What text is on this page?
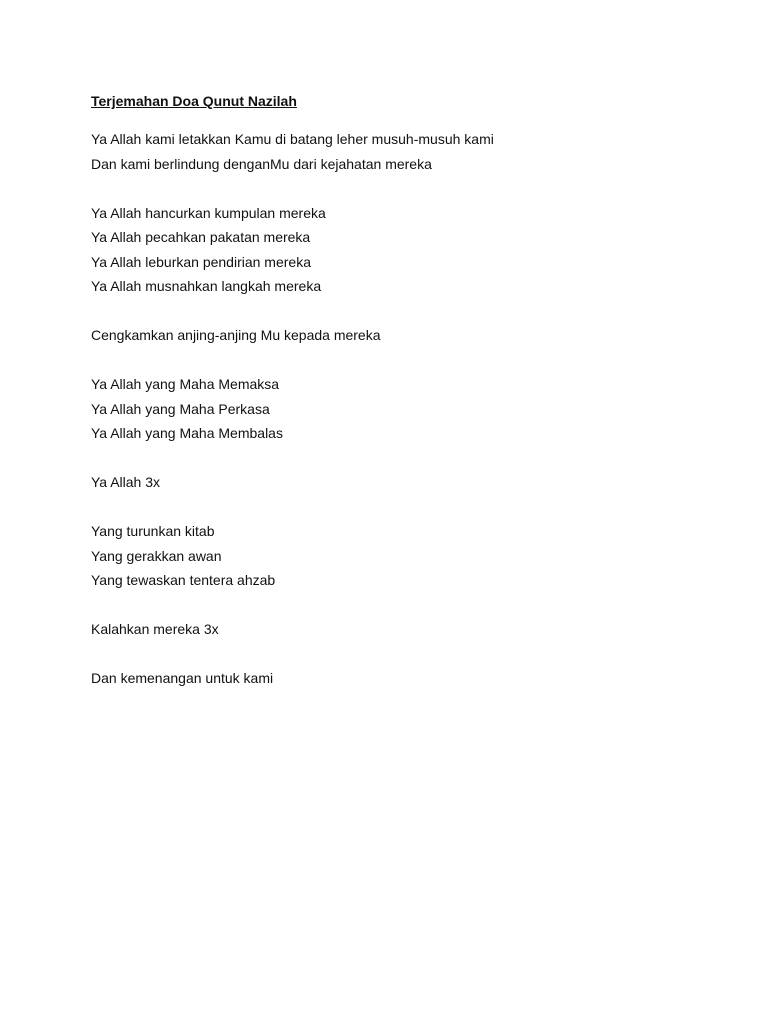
Terjemahan Doa Qunut Nazilah
Ya Allah kami letakkan Kamu di batang leher musuh-musuh kami
Dan kami berlindung denganMu dari kejahatan mereka
Ya Allah hancurkan kumpulan mereka
Ya Allah pecahkan pakatan mereka
Ya Allah leburkan pendirian mereka
Ya Allah musnahkan langkah mereka
Cengkamkan anjing-anjing Mu kepada mereka
Ya Allah yang Maha Memaksa
Ya Allah yang Maha Perkasa
Ya Allah yang Maha Membalas
Ya Allah 3x
Yang turunkan kitab
Yang gerakkan awan
Yang tewaskan tentera ahzab
Kalahkan mereka 3x
Dan kemenangan untuk kami
